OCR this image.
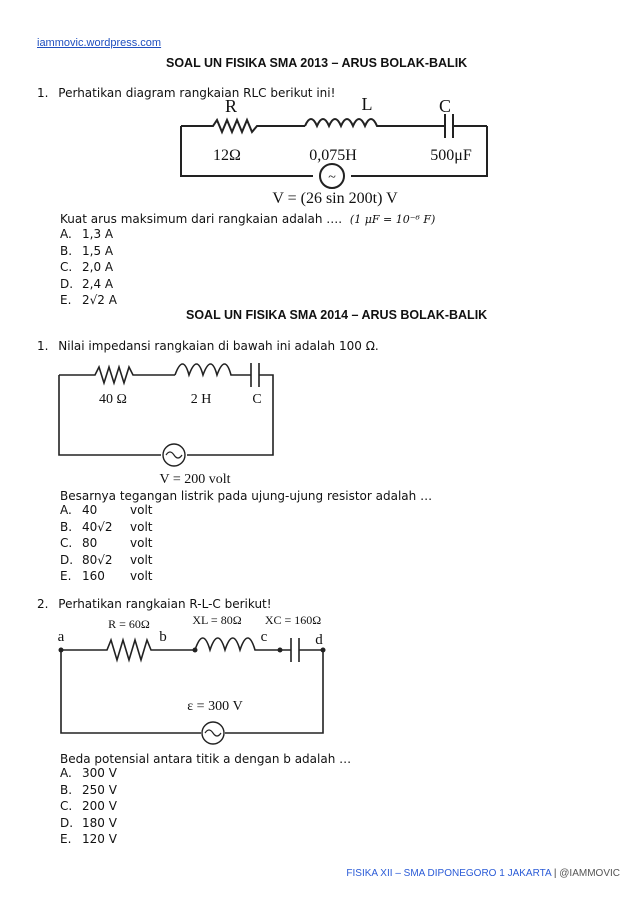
iammovic.wordpress.com
SOAL UN FISIKA SMA 2013 – ARUS BOLAK-BALIK
1. Perhatikan diagram rangkaian RLC berikut ini!
~
R	L	C
12Ω	0,075H	500μF
V = (26 sin 200t) V
Kuat arus maksimum dari rangkaian adalah …. (1 μF = 10⁻⁶ F)
A. 1,3 A
B. 1,5 A
C. 2,0 A
D. 2,4 A
E. 2√2 A
SOAL UN FISIKA SMA 2014 – ARUS BOLAK-BALIK
1. Nilai impedansi rangkaian di bawah ini adalah 100 Ω.
40 Ω	2 H	C
V = 200 volt
Besarnya tegangan listrik pada ujung-ujung resistor adalah …
A. 40	volt
B. 40√2 volt
C. 80	volt
D. 80√2 volt
E. 160 volt
2. Perhatikan rangkaian R-L-C berikut!
a	b	c	d
R = 60Ω	XL = 80Ω XC = 160Ω
ε = 300 V
Beda potensial antara titik a dengan b adalah …
A. 300 V
B. 250 V
C. 200 V
D. 180 V
E. 120 V
FISIKA XII – SMA DIPONEGORO 1 JAKARTA | @IAMMOVIC
